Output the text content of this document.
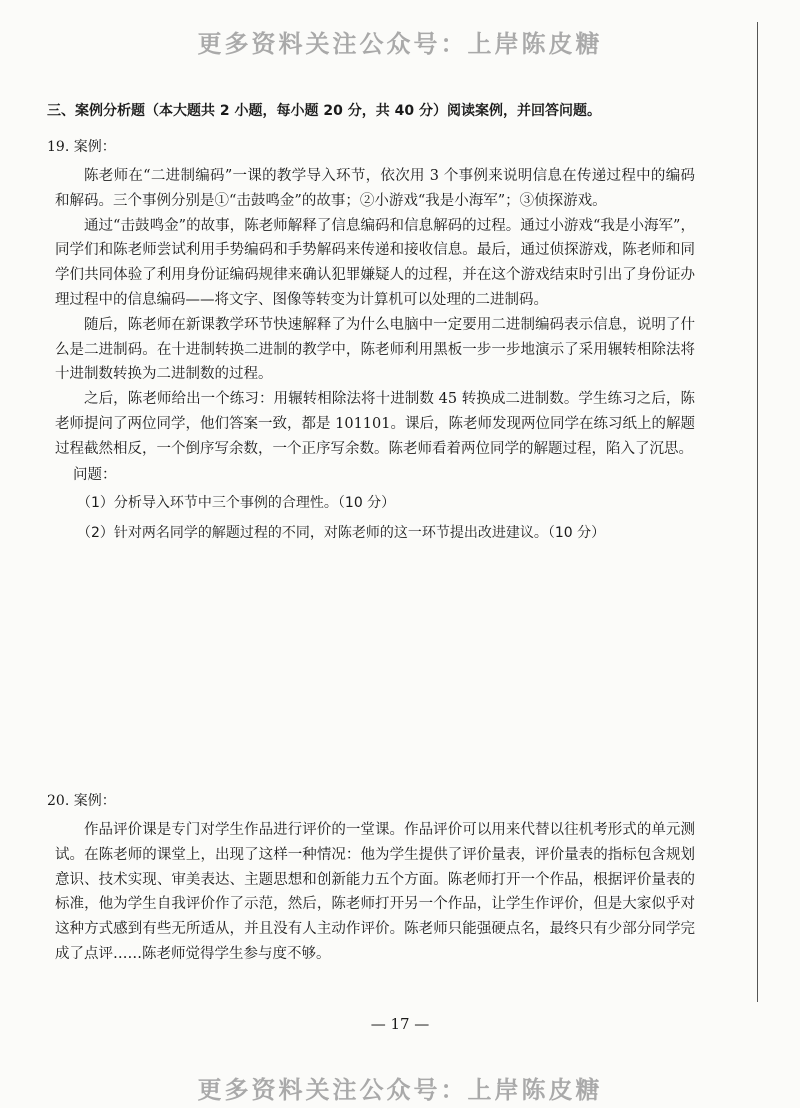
更多资料关注公众号：上岸陈皮糖
三、案例分析题（本大题共 2 小题，每小题 20 分，共 40 分）阅读案例，并回答问题。
19. 案例：

陈老师在“二进制编码”一课的教学导入环节，依次用 3 个事例来说明信息在传递过程中的编码和解码。三个事例分别是①“击鼓鸣金”的故事；②小游戏“我是小海军”；③侦探游戏。

通过“击鼓鸣金”的故事，陈老师解释了信息编码和信息解码的过程。通过小游戏“我是小海军”，同学们和陈老师尝试利用手势编码和手势解码来传递和接收信息。最后，通过侦探游戏，陈老师和同学们共同体验了利用身份证编码规律来确认犯罪嫌疑人的过程，并在这个游戏结束时引出了身份证办理过程中的信息编码——将文字、图像等转变为计算机可以处理的二进制码。

随后，陈老师在新课教学环节快速解释了为什么电脑中一定要用二进制编码表示信息，说明了什么是二进制码。在十进制转换二进制的教学中，陈老师利用黑板一步一步地演示了采用辗转相除法将十进制数转换为二进制数的过程。

之后，陈老师给出一个练习：用辗转相除法将十进制数 45 转换成二进制数。学生练习之后，陈老师提问了两位同学，他们答案一致，都是 101101。课后，陈老师发现两位同学在练习纸上的解题过程截然相反，一个倒序写余数，一个正序写余数。陈老师看着两位同学的解题过程，陷入了沉思。

问题：
（1）分析导入环节中三个事例的合理性。（10 分）
（2）针对两名同学的解题过程的不同，对陈老师的这一环节提出改进建议。（10 分）
20. 案例：

作品评价课是专门对学生作品进行评价的一堂课。作品评价可以用来代替以往机考形式的单元测试。在陈老师的课堂上，出现了这样一种情况：他为学生提供了评价量表，评价量表的指标包含规划意识、技术实现、审美表达、主题思想和创新能力五个方面。陈老师打开一个作品，根据评价量表的标准，他为学生自我评价作了示范，然后，陈老师打开另一个作品，让学生作评价，但是大家似乎对这种方式感到有些无所适从，并且没有人主动作评价。陈老师只能强硬点名，最终只有少部分同学完成了点评……陈老师觉得学生参与度不够。

— 17 —
更多资料关注公众号：上岸陈皮糖
